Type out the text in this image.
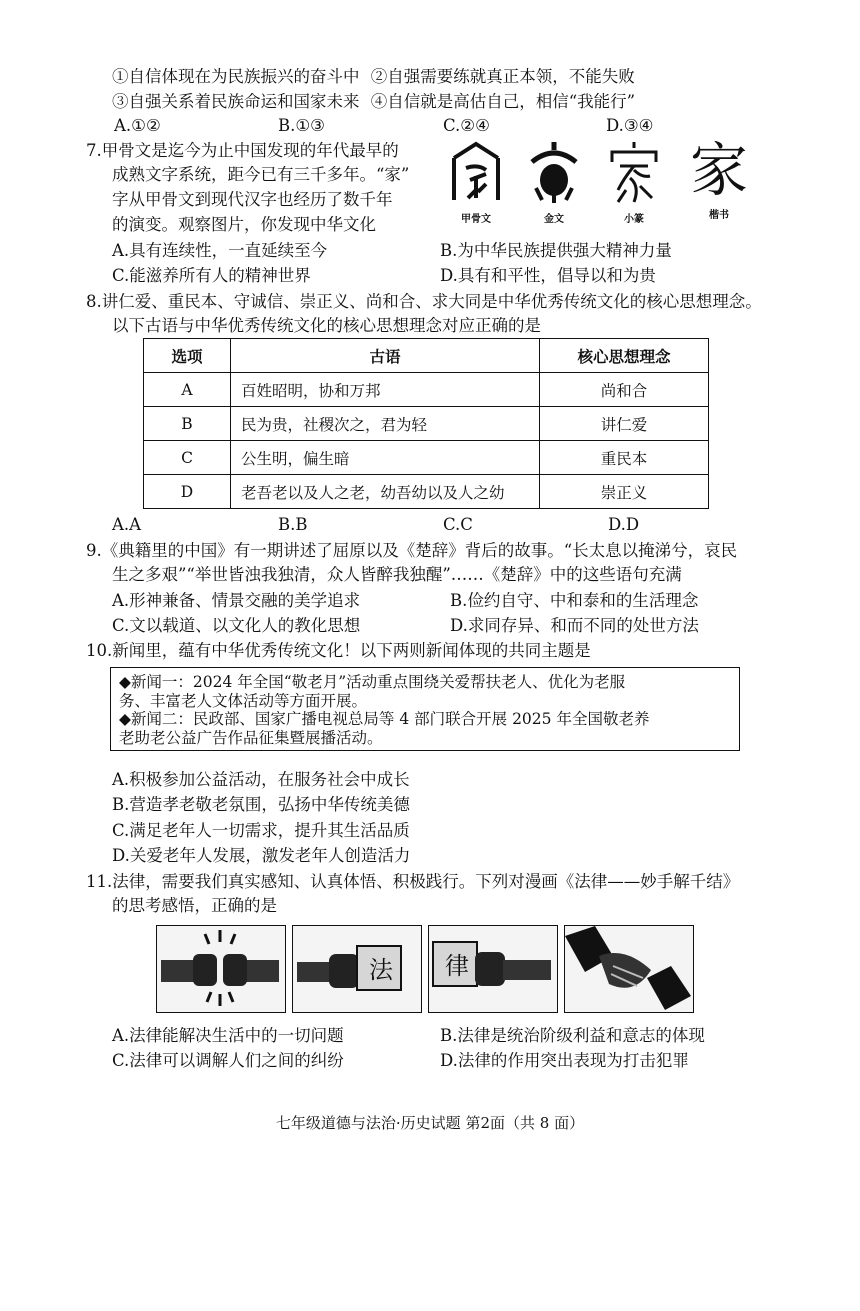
①自信体现在为民族振兴的奋斗中 ②自强需要练就真正本领，不能失败
③自强关系着民族命运和国家未来 ④自信就是高估自己，相信“我能行”
A.①②	B.①③	C.②④	D.③④
7.甲骨文是迄今为止中国发现的年代最早的
成熟文字系统，距今已有三千多年。“家”
字从甲骨文到现代汉字也经历了数千年
的演变。观察图片，你发现中华文化	甲骨文	金文	小篆
家
楷书
A.具有连续性，一直延续至今	B.为中华民族提供强大精神力量
C.能滋养所有人的精神世界	D.具有和平性，倡导以和为贵
8.讲仁爱、重民本、守诚信、崇正义、尚和合、求大同是中华优秀传统文化的核心思想理念。
以下古语与中华优秀传统文化的核心思想理念对应正确的是
选项	古语	核心思想理念
A	百姓昭明，协和万邦	尚和合
B	民为贵，社稷次之，君为轻	讲仁爱
C	公生明，偏生暗	重民本
D	老吾老以及人之老，幼吾幼以及人之幼	崇正义
A.A	B.B	C.C	D.D
9.《典籍里的中国》有一期讲述了屈原以及《楚辞》背后的故事。“长太息以掩涕兮，哀民
生之多艰”“举世皆浊我独清，众人皆醉我独醒”……《楚辞》中的这些语句充满
A.形神兼备、情景交融的美学追求	B.俭约自守、中和泰和的生活理念
C.文以载道、以文化人的教化思想	D.求同存异、和而不同的处世方法
10.新闻里，蕴有中华优秀传统文化！以下两则新闻体现的共同主题是

◆新闻一：2024 年全国“敬老月”活动重点围绕关爱帮扶老人、优化为老服

务、丰富老人文体活动等方面开展。

◆新闻二：民政部、国家广播电视总局等 4 部门联合开展 2025 年全国敬老养

老助老公益广告作品征集暨展播活动。

A.积极参加公益活动，在服务社会中成长
B.营造孝老敬老氛围，弘扬中华传统美德
C.满足老年人一切需求，提升其生活品质
D.关爱老年人发展，激发老年人创造活力
11.法律，需要我们真实感知、认真体悟、积极践行。下列对漫画《法律——妙手解千结》
的思考感悟，正确的是
法	律
A.法律能解决生活中的一切问题	B.法律是统治阶级利益和意志的体现
C.法律可以调解人们之间的纠纷	D.法律的作用突出表现为打击犯罪
七年级道德与法治·历史试题 第2面（共 8 面）
